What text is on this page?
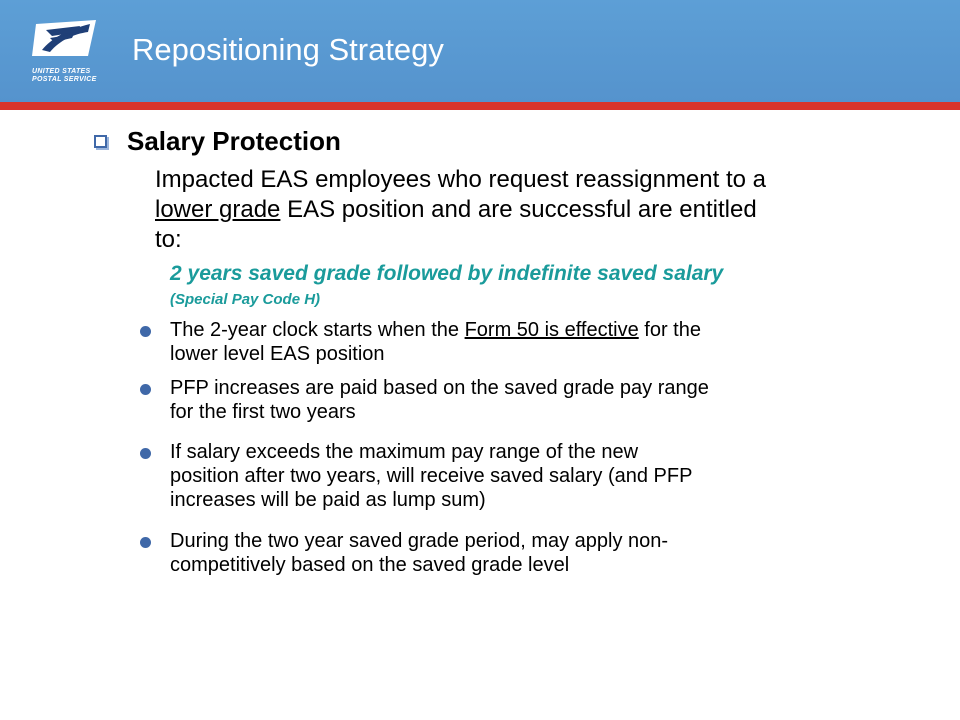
UNITED STATES
POSTAL SERVICE
Repositioning Strategy
Salary Protection

Impacted EAS employees who request reassignment to a

lower grade EAS position and are successful are entitled

to:

2 years saved grade followed by indefinite saved salary
(Special Pay Code H)

The 2-year clock starts when the Form 50 is effective for the

lower level EAS position

PFP increases are paid based on the saved grade pay range

for the first two years

If salary exceeds the maximum pay range of the new

position after two years, will receive saved salary (and PFP

increases will be paid as lump sum)

During the two year saved grade period, may apply non-

competitively based on the saved grade level
